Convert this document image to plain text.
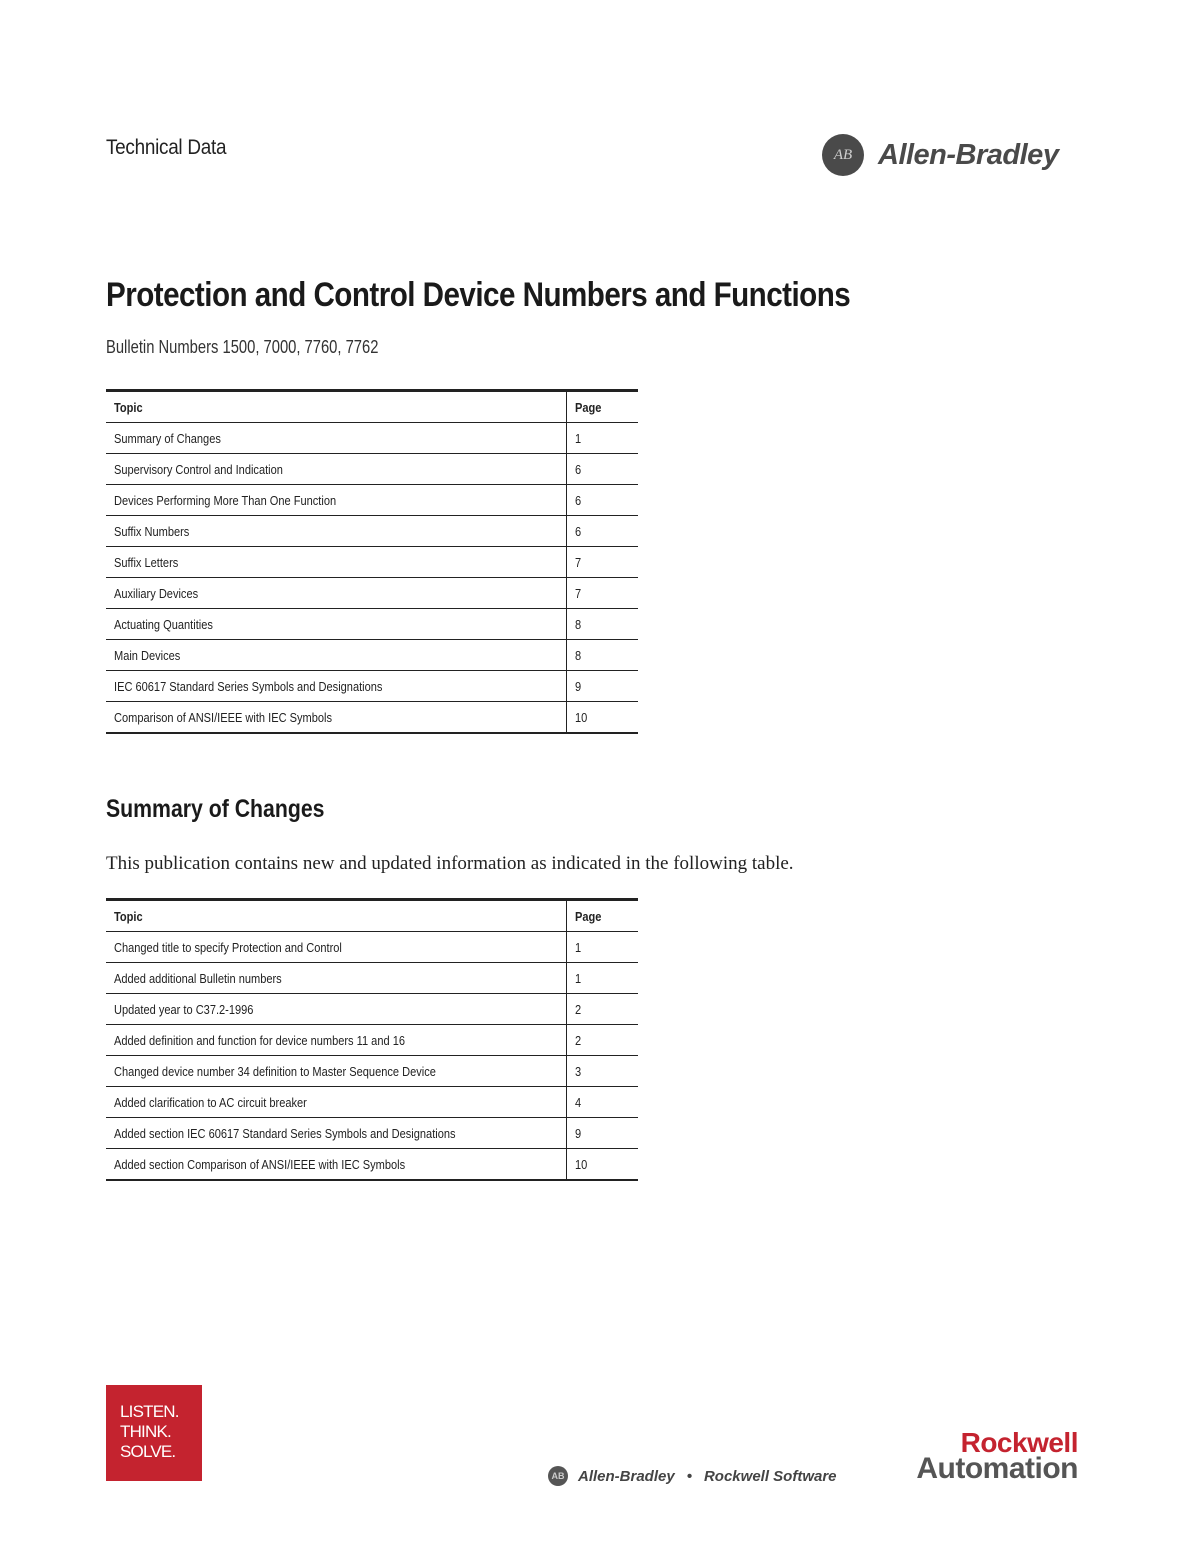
Technical Data	AB Allen-Bradley
Protection and Control Device Numbers and Functions
Bulletin Numbers 1500, 7000, 7760, 7762
Topic	Page
Summary of Changes	1
Supervisory Control and Indication	6
Devices Performing More Than One Function	6
Suffix Numbers	6
Suffix Letters	7
Auxiliary Devices	7
Actuating Quantities	8
Main Devices	8
IEC 60617 Standard Series Symbols and Designations	9
Comparison of ANSI/IEEE with IEC Symbols	10
Summary of Changes

This publication contains new and updated information as indicated in the following table.

Topic	Page
Changed title to specify Protection and Control	1
Added additional Bulletin numbers	1
Updated year to C37.2-1996	2
Added definition and function for device numbers 11 and 16	2
Changed device number 34 definition to Master Sequence Device	3
Added clarification to AC circuit breaker	4
Added section IEC 60617 Standard Series Symbols and Designations	9
Added section Comparison of ANSI/IEEE with IEC Symbols	10
LISTEN.
THINK.
SOLVE.
AB Allen-Bradley • Rockwell Software
Rockwell
Automation
